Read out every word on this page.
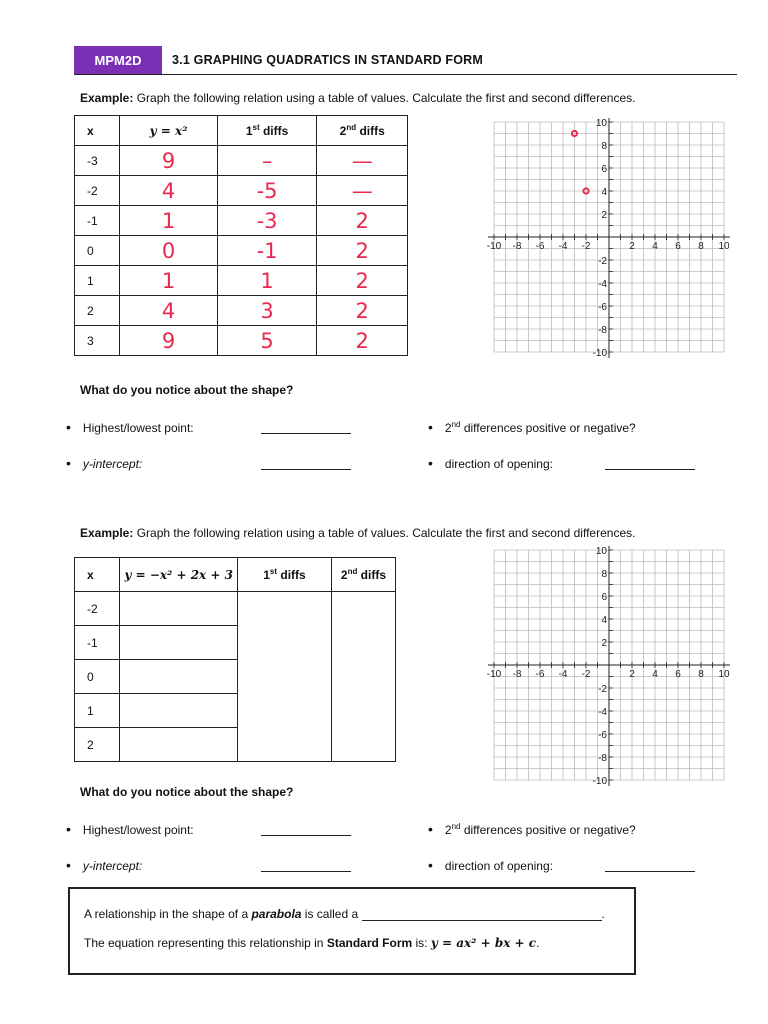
MPM2D	3.1 GRAPHING QUADRATICS IN STANDARD FORM
Example: Graph the following relation using a table of values. Calculate the first and second differences.
x	y = x²	1st diffs	2nd diffs
-3	9	–	—
-2	4	-5	—
-1	1	-3	2
0	0	-1	2
1	1	1	2
2	4	3	2
3	9	5	2
-10 -8 -6 -4 -2	2 4 6 8 10
10
8
6
4
2
-2
-4
-6
-8
-10
What do you notice about the shape?
• Highest/lowest point:
• y-intercept:
• 2nd differences positive or negative?
• direction of opening:
Example: Graph the following relation using a table of values. Calculate the first and second differences.
x	y = −x² + 2x + 3	1st diffs	2nd diffs
-2			
-1			
0			
1			
2			
-10 -8 -6 -4 -2	2 4 6 8 10
10
8
6
4
2
-2
-4
-6
-8
-10
What do you notice about the shape?
• Highest/lowest point:
• y-intercept:
• 2nd differences positive or negative?
• direction of opening:
A relationship in the shape of a parabola is called a	.
The equation representing this relationship in Standard Form is: y = ax² + bx + c.
